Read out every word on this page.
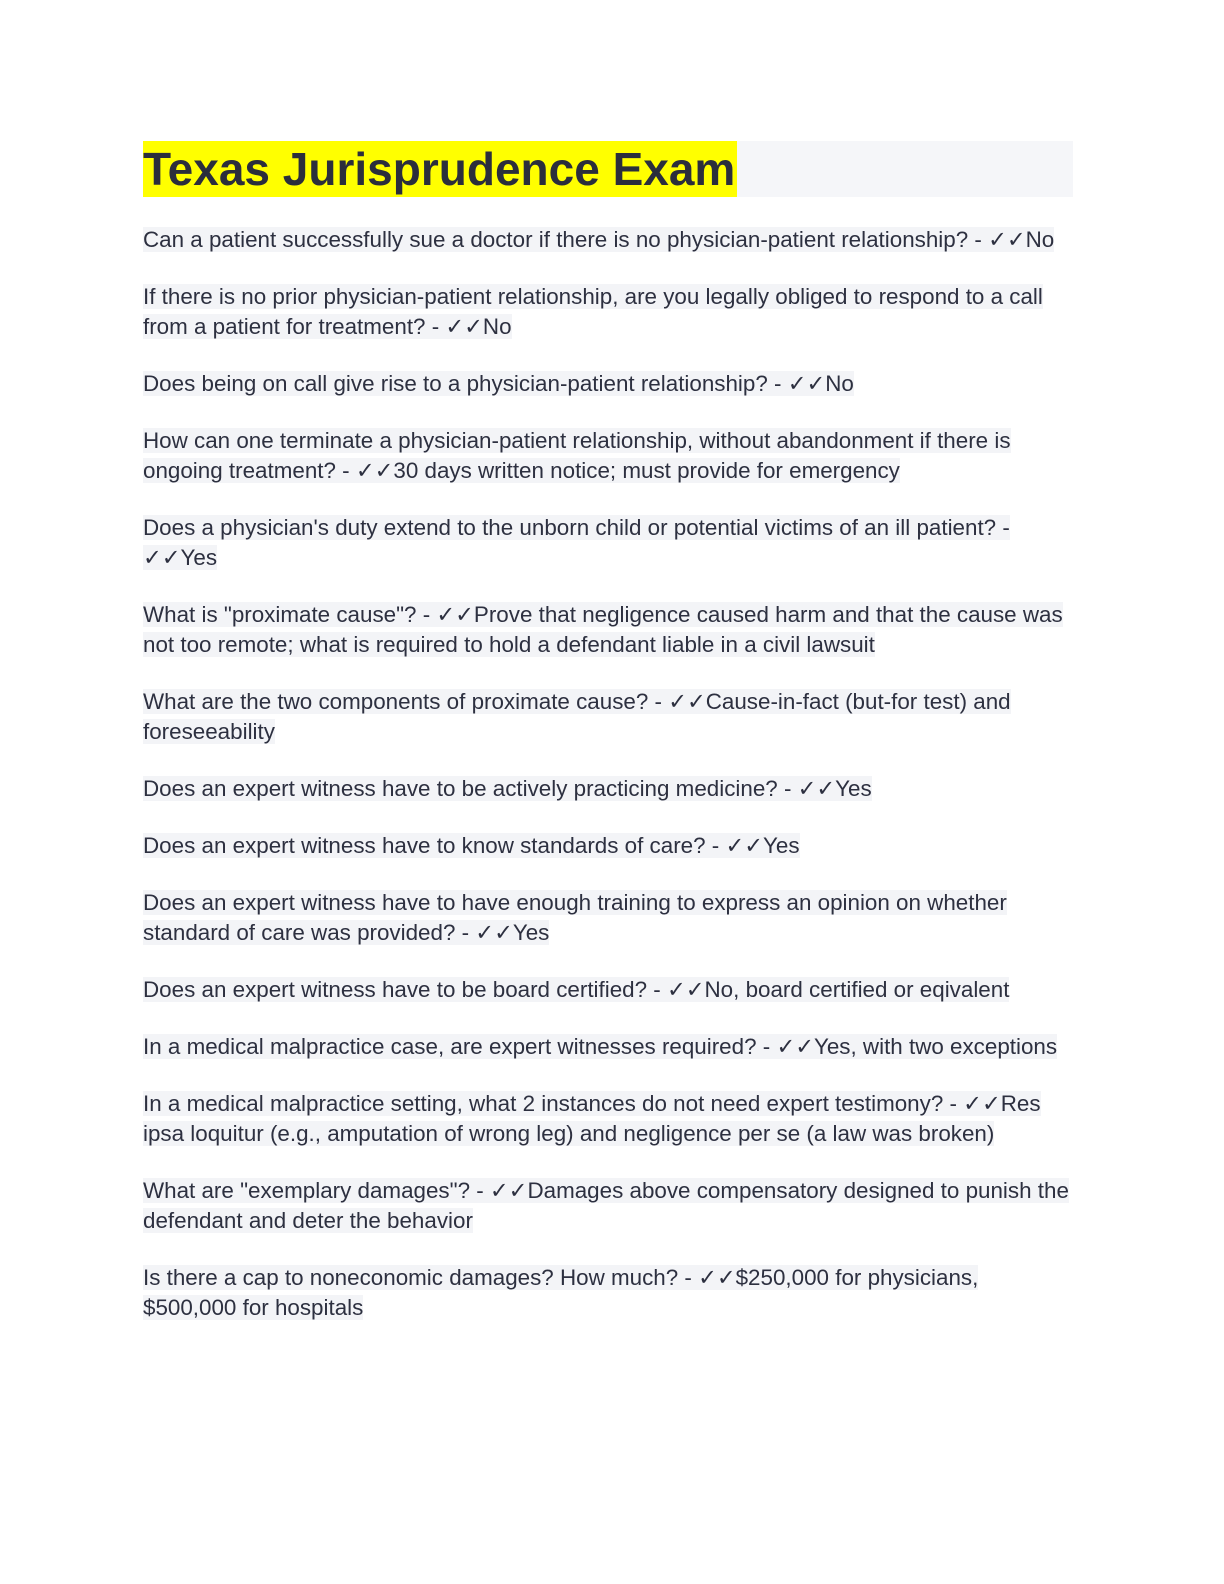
Texas Jurisprudence Exam

Can a patient successfully sue a doctor if there is no physician-patient relationship? - ✓✓No

If there is no prior physician-patient relationship, are you legally obliged to respond to a call from a patient for treatment? - ✓✓No

Does being on call give rise to a physician-patient relationship? - ✓✓No

How can one terminate a physician-patient relationship, without abandonment if there is ongoing treatment? - ✓✓30 days written notice; must provide for emergency

Does a physician's duty extend to the unborn child or potential victims of an ill patient? - ✓✓Yes

What is "proximate cause"? - ✓✓Prove that negligence caused harm and that the cause was not too remote; what is required to hold a defendant liable in a civil lawsuit

What are the two components of proximate cause? - ✓✓Cause-in-fact (but-for test) and foreseeability

Does an expert witness have to be actively practicing medicine? - ✓✓Yes

Does an expert witness have to know standards of care? - ✓✓Yes

Does an expert witness have to have enough training to express an opinion on whether standard of care was provided? - ✓✓Yes

Does an expert witness have to be board certified? - ✓✓No, board certified or eqivalent

In a medical malpractice case, are expert witnesses required? - ✓✓Yes, with two exceptions

In a medical malpractice setting, what 2 instances do not need expert testimony? - ✓✓Res ipsa loquitur (e.g., amputation of wrong leg) and negligence per se (a law was broken)

What are "exemplary damages"? - ✓✓Damages above compensatory designed to punish the defendant and deter the behavior

Is there a cap to noneconomic damages? How much? - ✓✓$250,000 for physicians, $500,000 for hospitals
